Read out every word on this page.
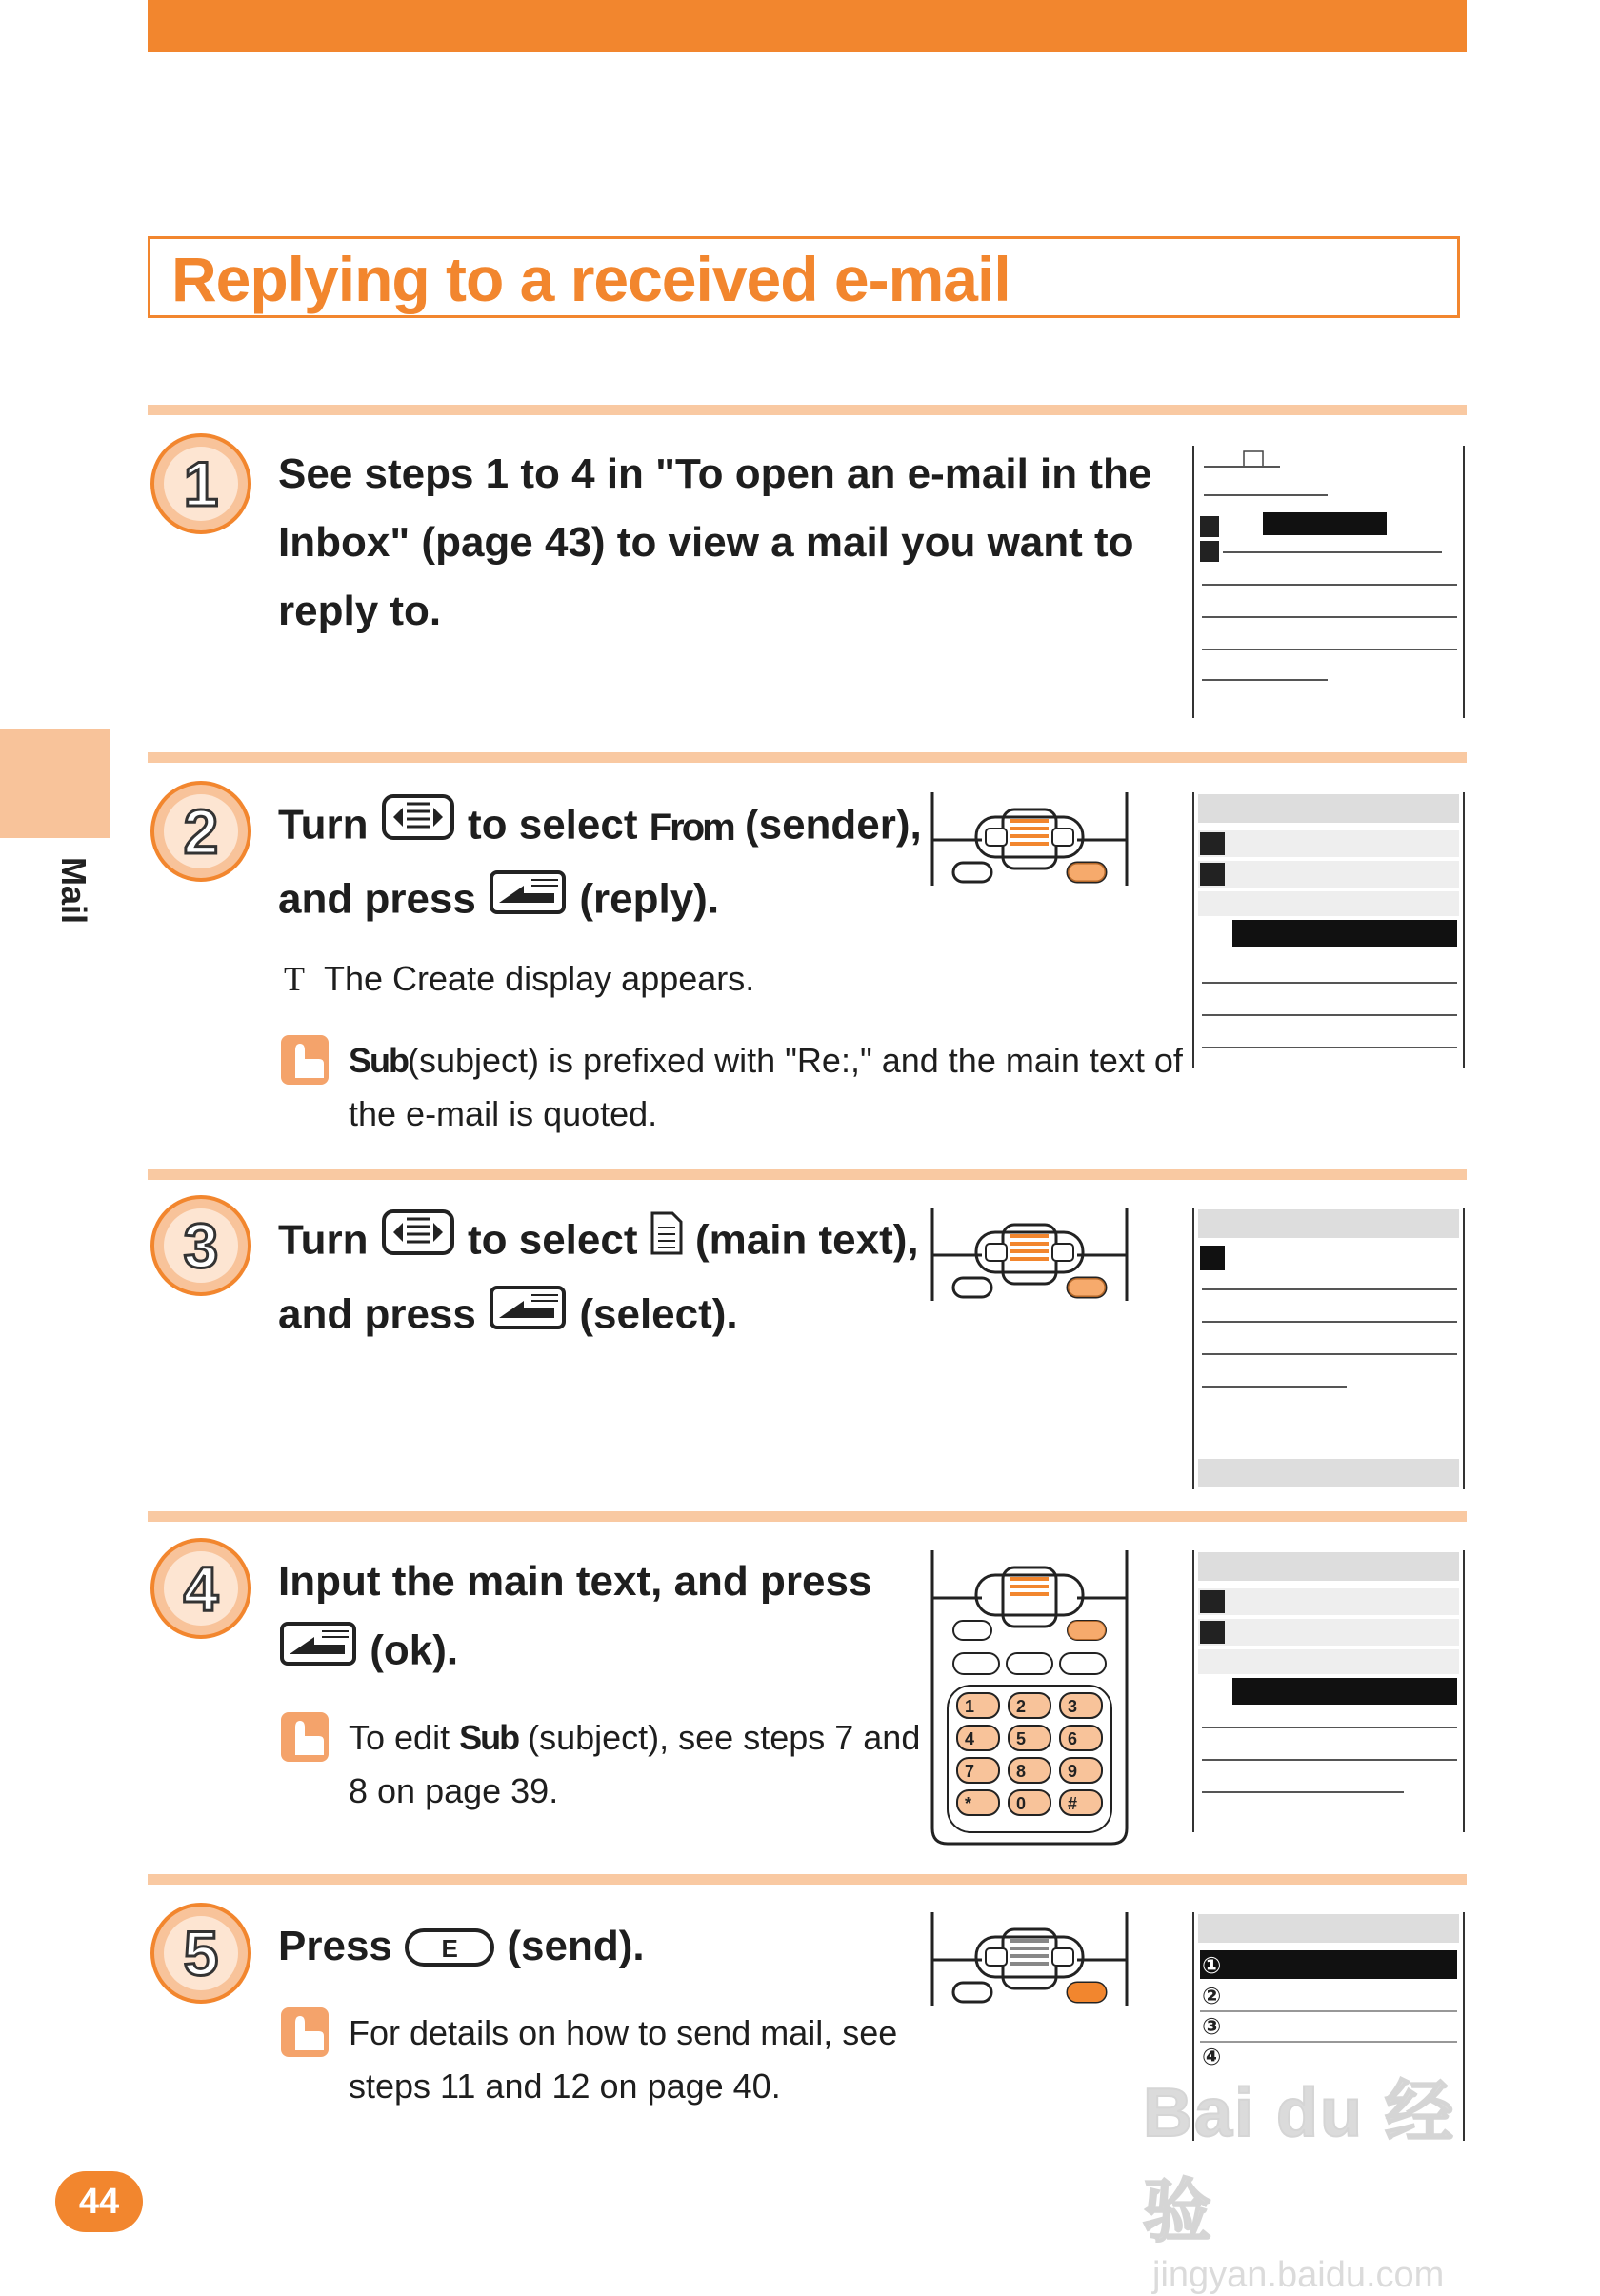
Replying to a received e-mail
Mail
1	See steps 1 to 4 in "To open an e-mail in the
Inbox" (page 43) to view a mail you want to
reply to.
2	Turn to select From (sender),
and press (reply).
T The Create display appears.
Sub(subject) is prefixed with "Re:," and the main text of
the e-mail is quoted.
3	Turn to select (main text),
and press (select).
4	Input the main text, and press
(ok).
To edit Sub (subject), see steps 7 and
8 on page 39.
1 2 3
4 5 6
7 8 9
*	0 #
5	Press	E	(send).
For details on how to send mail, see
steps 11 and 12 on page 40.
①
②
③
④
Bai du 经验
jingyan.baidu.com
44
